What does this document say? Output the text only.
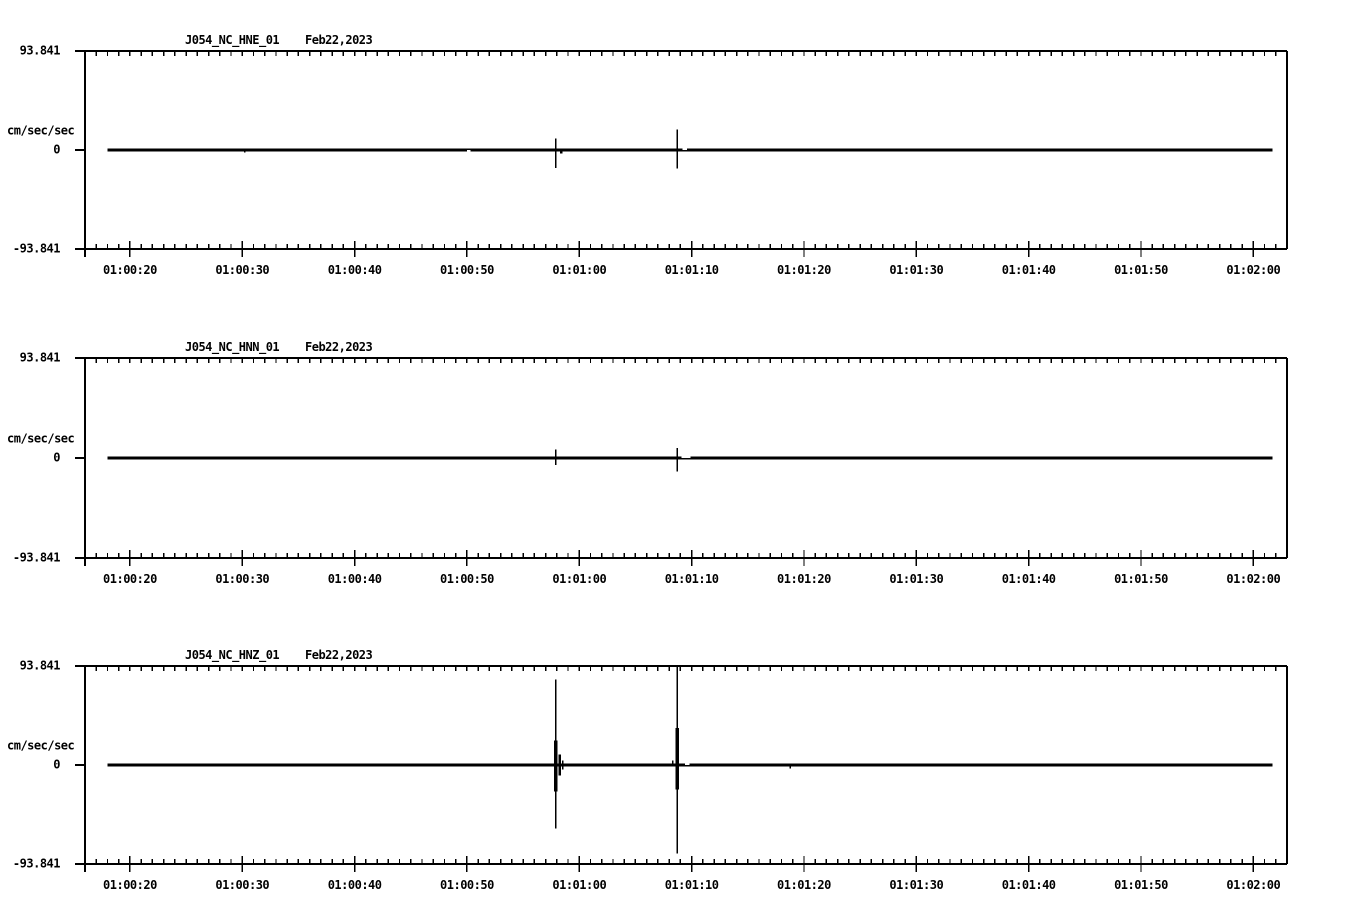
01:00:20	01:00:30	01:00:40	01:00:50	01:01:00	01:01:10	01:01:20	01:01:30	01:01:40	01:01:50	01:02:00
93.841
0
-93.841
cm/sec/sec
J054_NC_HNE_01 Feb22,2023
01:00:20	01:00:30	01:00:40	01:00:50	01:01:00	01:01:10	01:01:20	01:01:30	01:01:40	01:01:50	01:02:00
93.841
0
-93.841
cm/sec/sec
J054_NC_HNN_01 Feb22,2023
01:00:20	01:00:30	01:00:40	01:00:50	01:01:00	01:01:10	01:01:20	01:01:30	01:01:40	01:01:50	01:02:00
93.841
0
-93.841
cm/sec/sec
J054_NC_HNZ_01 Feb22,2023
